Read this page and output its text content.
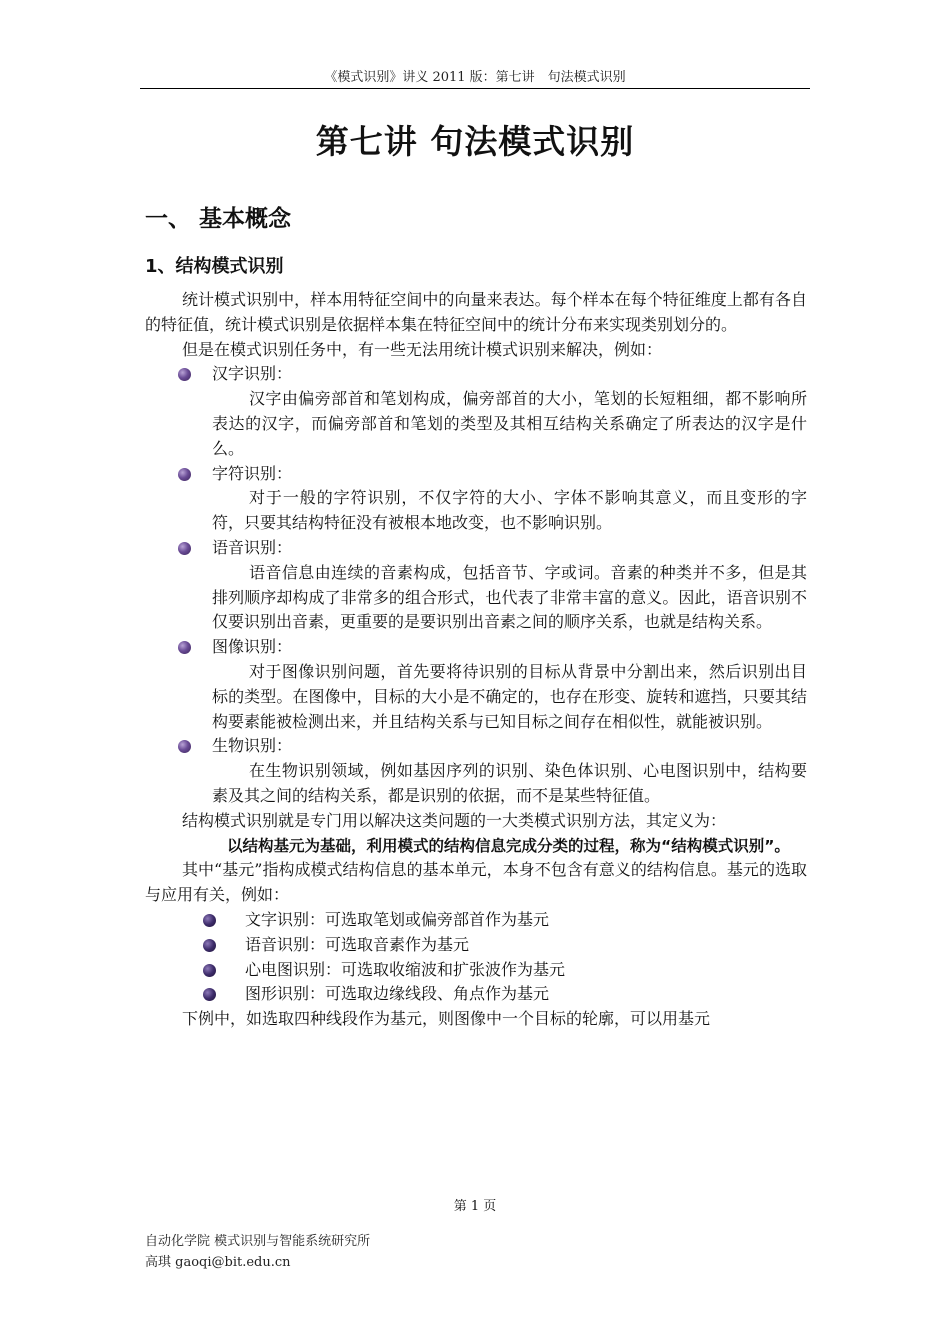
《模式识别》讲义 2011 版：第七讲　句法模式识别
第七讲 句法模式识别
一、 基本概念
1、结构模式识别

统计模式识别中，样本用特征空间中的向量来表达。每个样本在每个特征维度上都有各自的特征值，统计模式识别是依据样本集在特征空间中的统计分布来实现类别划分的。

但是在模式识别任务中，有一些无法用统计模式识别来解决，例如：

汉字识别：

汉字由偏旁部首和笔划构成，偏旁部首的大小，笔划的长短粗细，都不影响所表达的汉字，而偏旁部首和笔划的类型及其相互结构关系确定了所表达的汉字是什么。

字符识别：

对于一般的字符识别，不仅字符的大小、字体不影响其意义，而且变形的字符，只要其结构特征没有被根本地改变，也不影响识别。

语音识别：

语音信息由连续的音素构成，包括音节、字或词。音素的种类并不多，但是其排列顺序却构成了非常多的组合形式，也代表了非常丰富的意义。因此，语音识别不仅要识别出音素，更重要的是要识别出音素之间的顺序关系，也就是结构关系。

图像识别：

对于图像识别问题，首先要将待识别的目标从背景中分割出来，然后识别出目标的类型。在图像中，目标的大小是不确定的，也存在形变、旋转和遮挡，只要其结构要素能被检测出来，并且结构关系与已知目标之间存在相似性，就能被识别。

生物识别：

在生物识别领域，例如基因序列的识别、染色体识别、心电图识别中，结构要素及其之间的结构关系，都是识别的依据，而不是某些特征值。

结构模式识别就是专门用以解决这类问题的一大类模式识别方法，其定义为：

以结构基元为基础，利用模式的结构信息完成分类的过程，称为“结构模式识别”。

其中“基元”指构成模式结构信息的基本单元，本身不包含有意义的结构信息。基元的选取与应用有关，例如：

文字识别：可选取笔划或偏旁部首作为基元

语音识别：可选取音素作为基元

心电图识别：可选取收缩波和扩张波作为基元

图形识别：可选取边缘线段、角点作为基元

下例中，如选取四种线段作为基元，则图像中一个目标的轮廓，可以用基元

第 1 页
自动化学院 模式识别与智能系统研究所
高琪 gaoqi@bit.edu.cn
